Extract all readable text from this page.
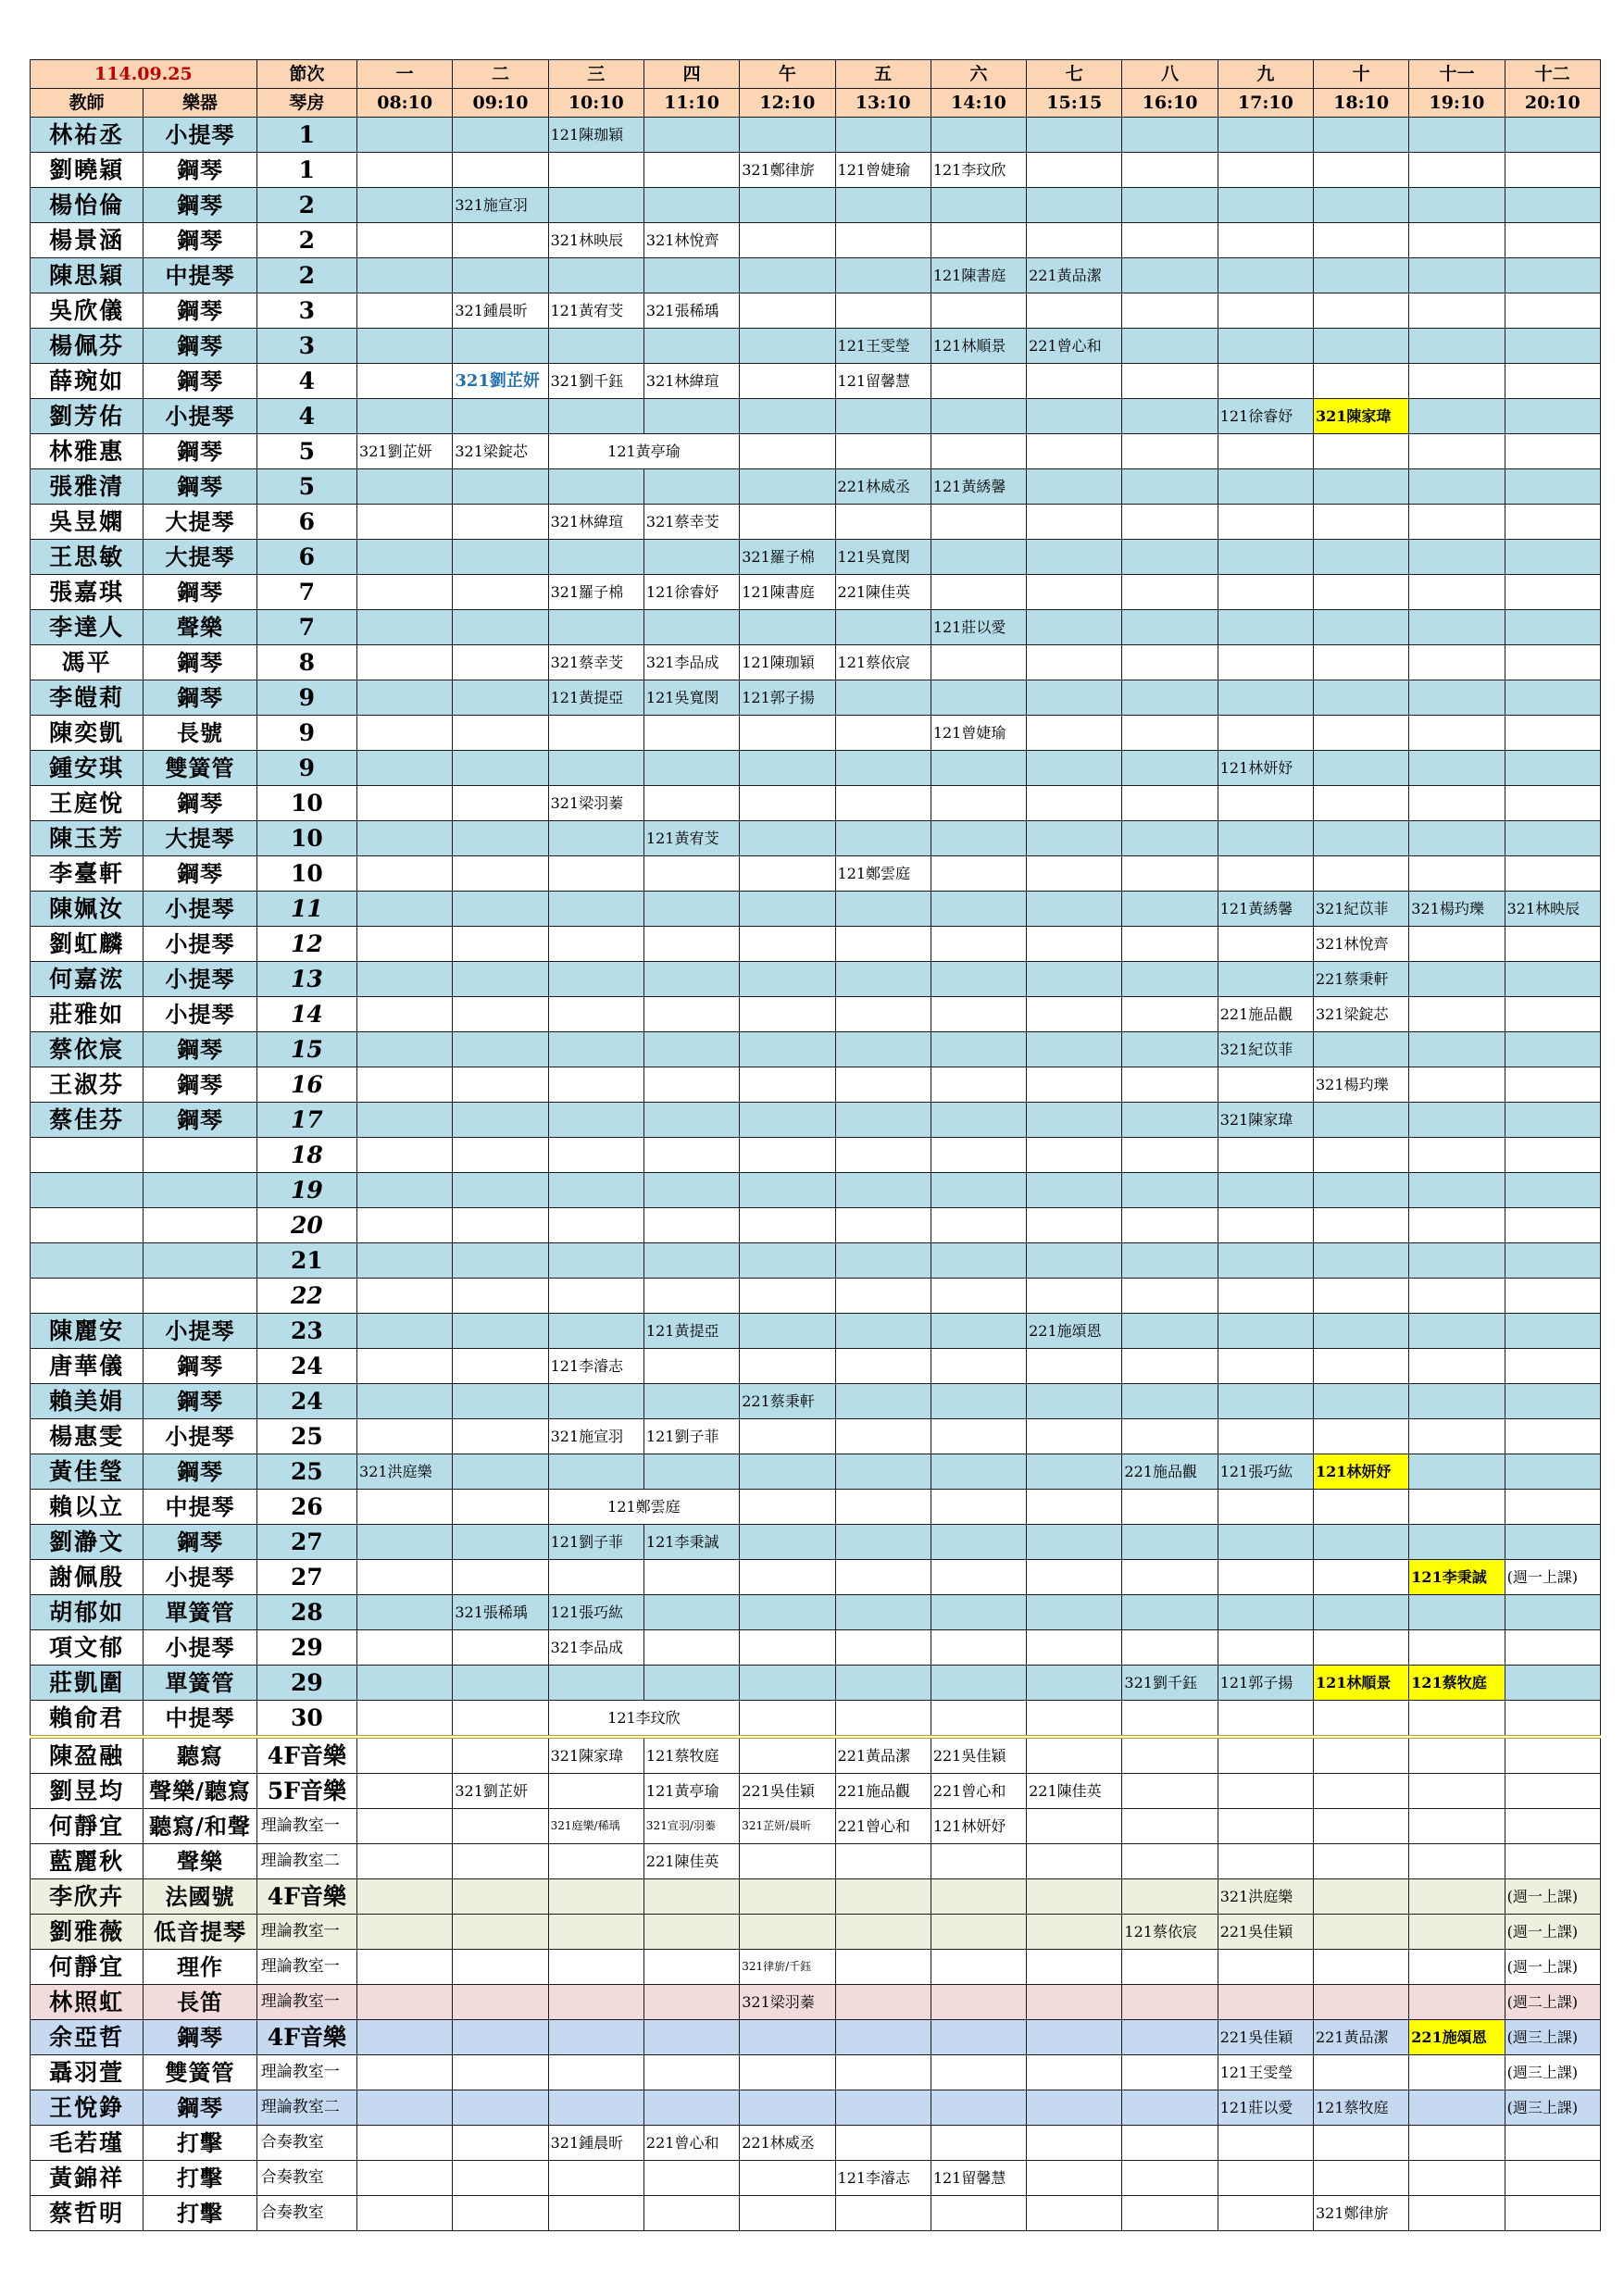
114.09.25		節次	一	二	三	四	午	五	六	七	八	九	十	十一	十二
教師	樂器	琴房	08:10	09:10	10:10	11:10	12:10	13:10	14:10	15:15	16:10	17:10	18:10	19:10	20:10
林祐丞	小提琴	1			121陳珈穎										
劉曉穎	鋼琴	1					321鄭律旂	121曾婕瑜	121李玟欣						
楊怡倫	鋼琴	2		321施宣羽											
楊景涵	鋼琴	2			321林映辰	321林悅齊									
陳思穎	中提琴	2							121陳書庭	221黃品潔					
吳欣儀	鋼琴	3		321鍾晨昕	121黃宥芠	321張稀瑀									
楊佩芬	鋼琴	3						121王雯瑩	121林順景	221曾心和					
薛琬如	鋼琴	4		321劉芷妍	321劉千鈺	321林緯瑄		121留馨慧							
劉芳佑	小提琴	4										121徐睿妤	321陳家瑋		
林雅惠	鋼琴	5	321劉芷妍	321梁錠芯	121黃亭瑜										
張雅清	鋼琴	5						221林威丞	121黃綉馨						
吳昱嫻	大提琴	6			321林緯瑄	321蔡幸芠									
王思敏	大提琴	6					321羅子棉	121吳寬閔							
張嘉琪	鋼琴	7			321羅子棉	121徐睿妤	121陳書庭	221陳佳英							
李達人	聲樂	7							121莊以愛						
馮平	鋼琴	8			321蔡幸芠	321李品成	121陳珈穎	121蔡依宸							
李皚莉	鋼琴	9			121黃提亞	121吳寬閔	121郭子揚								
陳奕凱	長號	9							121曾婕瑜						
鍾安琪	雙簧管	9										121林妍妤			
王庭悅	鋼琴	10			321梁羽蓁										
陳玉芳	大提琴	10				121黃宥芠									
李臺軒	鋼琴	10						121鄭雲庭							
陳姵汝	小提琴	11										121黃綉馨	321紀苡菲	321楊玓瓅	321林映辰
劉虹麟	小提琴	12											321林悅齊		
何嘉浤	小提琴	13											221蔡秉軒		
莊雅如	小提琴	14										221施品觀	321梁錠芯		
蔡依宸	鋼琴	15										321紀苡菲			
王淑芬	鋼琴	16											321楊玓瓅		
蔡佳芬	鋼琴	17										321陳家瑋			
		18													
		19													
		20													
		21													
		22													
陳麗安	小提琴	23				121黃提亞				221施頌恩					
唐華儀	鋼琴	24			121李濬志										
賴美娟	鋼琴	24					221蔡秉軒								
楊惠雯	小提琴	25			321施宣羽	121劉子菲									
黃佳瑩	鋼琴	25	321洪庭樂								221施品觀	121張巧紘	121林妍妤		
賴以立	中提琴	26			121鄭雲庭										
劉瀞文	鋼琴	27			121劉子菲	121李秉誠									
謝佩殷	小提琴	27												121李秉誠	(週一上課)
胡郁如	單簧管	28		321張稀瑀	121張巧紘										
項文郁	小提琴	29			321李品成										
莊凱圍	單簧管	29									321劉千鈺	121郭子揚	121林順景	121蔡牧庭	
賴俞君	中提琴	30			121李玟欣										
陳盈融	聽寫	4F音樂			321陳家瑋	121蔡牧庭		221黃品潔	221吳佳穎						
劉昱均	聲樂/聽寫	5F音樂		321劉芷妍		121黃亭瑜	221吳佳穎	221施品觀	221曾心和	221陳佳英					
何靜宜	聽寫/和聲	理論教室一			321庭樂/稀瑀	321宣羽/羽蓁	321芷妍/晨昕	221曾心和	121林妍妤						
藍麗秋	聲樂	理論教室二				221陳佳英									
李欣卉	法國號	4F音樂										321洪庭樂			(週一上課)
劉雅薇	低音提琴	理論教室一									121蔡依宸	221吳佳穎			(週一上課)
何靜宜	理作	理論教室一					321律旂/千鈺								(週一上課)
林照虹	長笛	理論教室一					321梁羽蓁								(週二上課)
余亞哲	鋼琴	4F音樂										221吳佳穎	221黃品潔	221施頌恩	(週三上課)
聶羽萱	雙簧管	理論教室一										121王雯瑩			(週三上課)
王悅錚	鋼琴	理論教室二										121莊以愛	121蔡牧庭		(週三上課)
毛若瑾	打擊	合奏教室			321鍾晨昕	221曾心和	221林威丞								
黃錦祥	打擊	合奏教室						121李濬志	121留馨慧						
蔡哲明	打擊	合奏教室											321鄭律旂		
